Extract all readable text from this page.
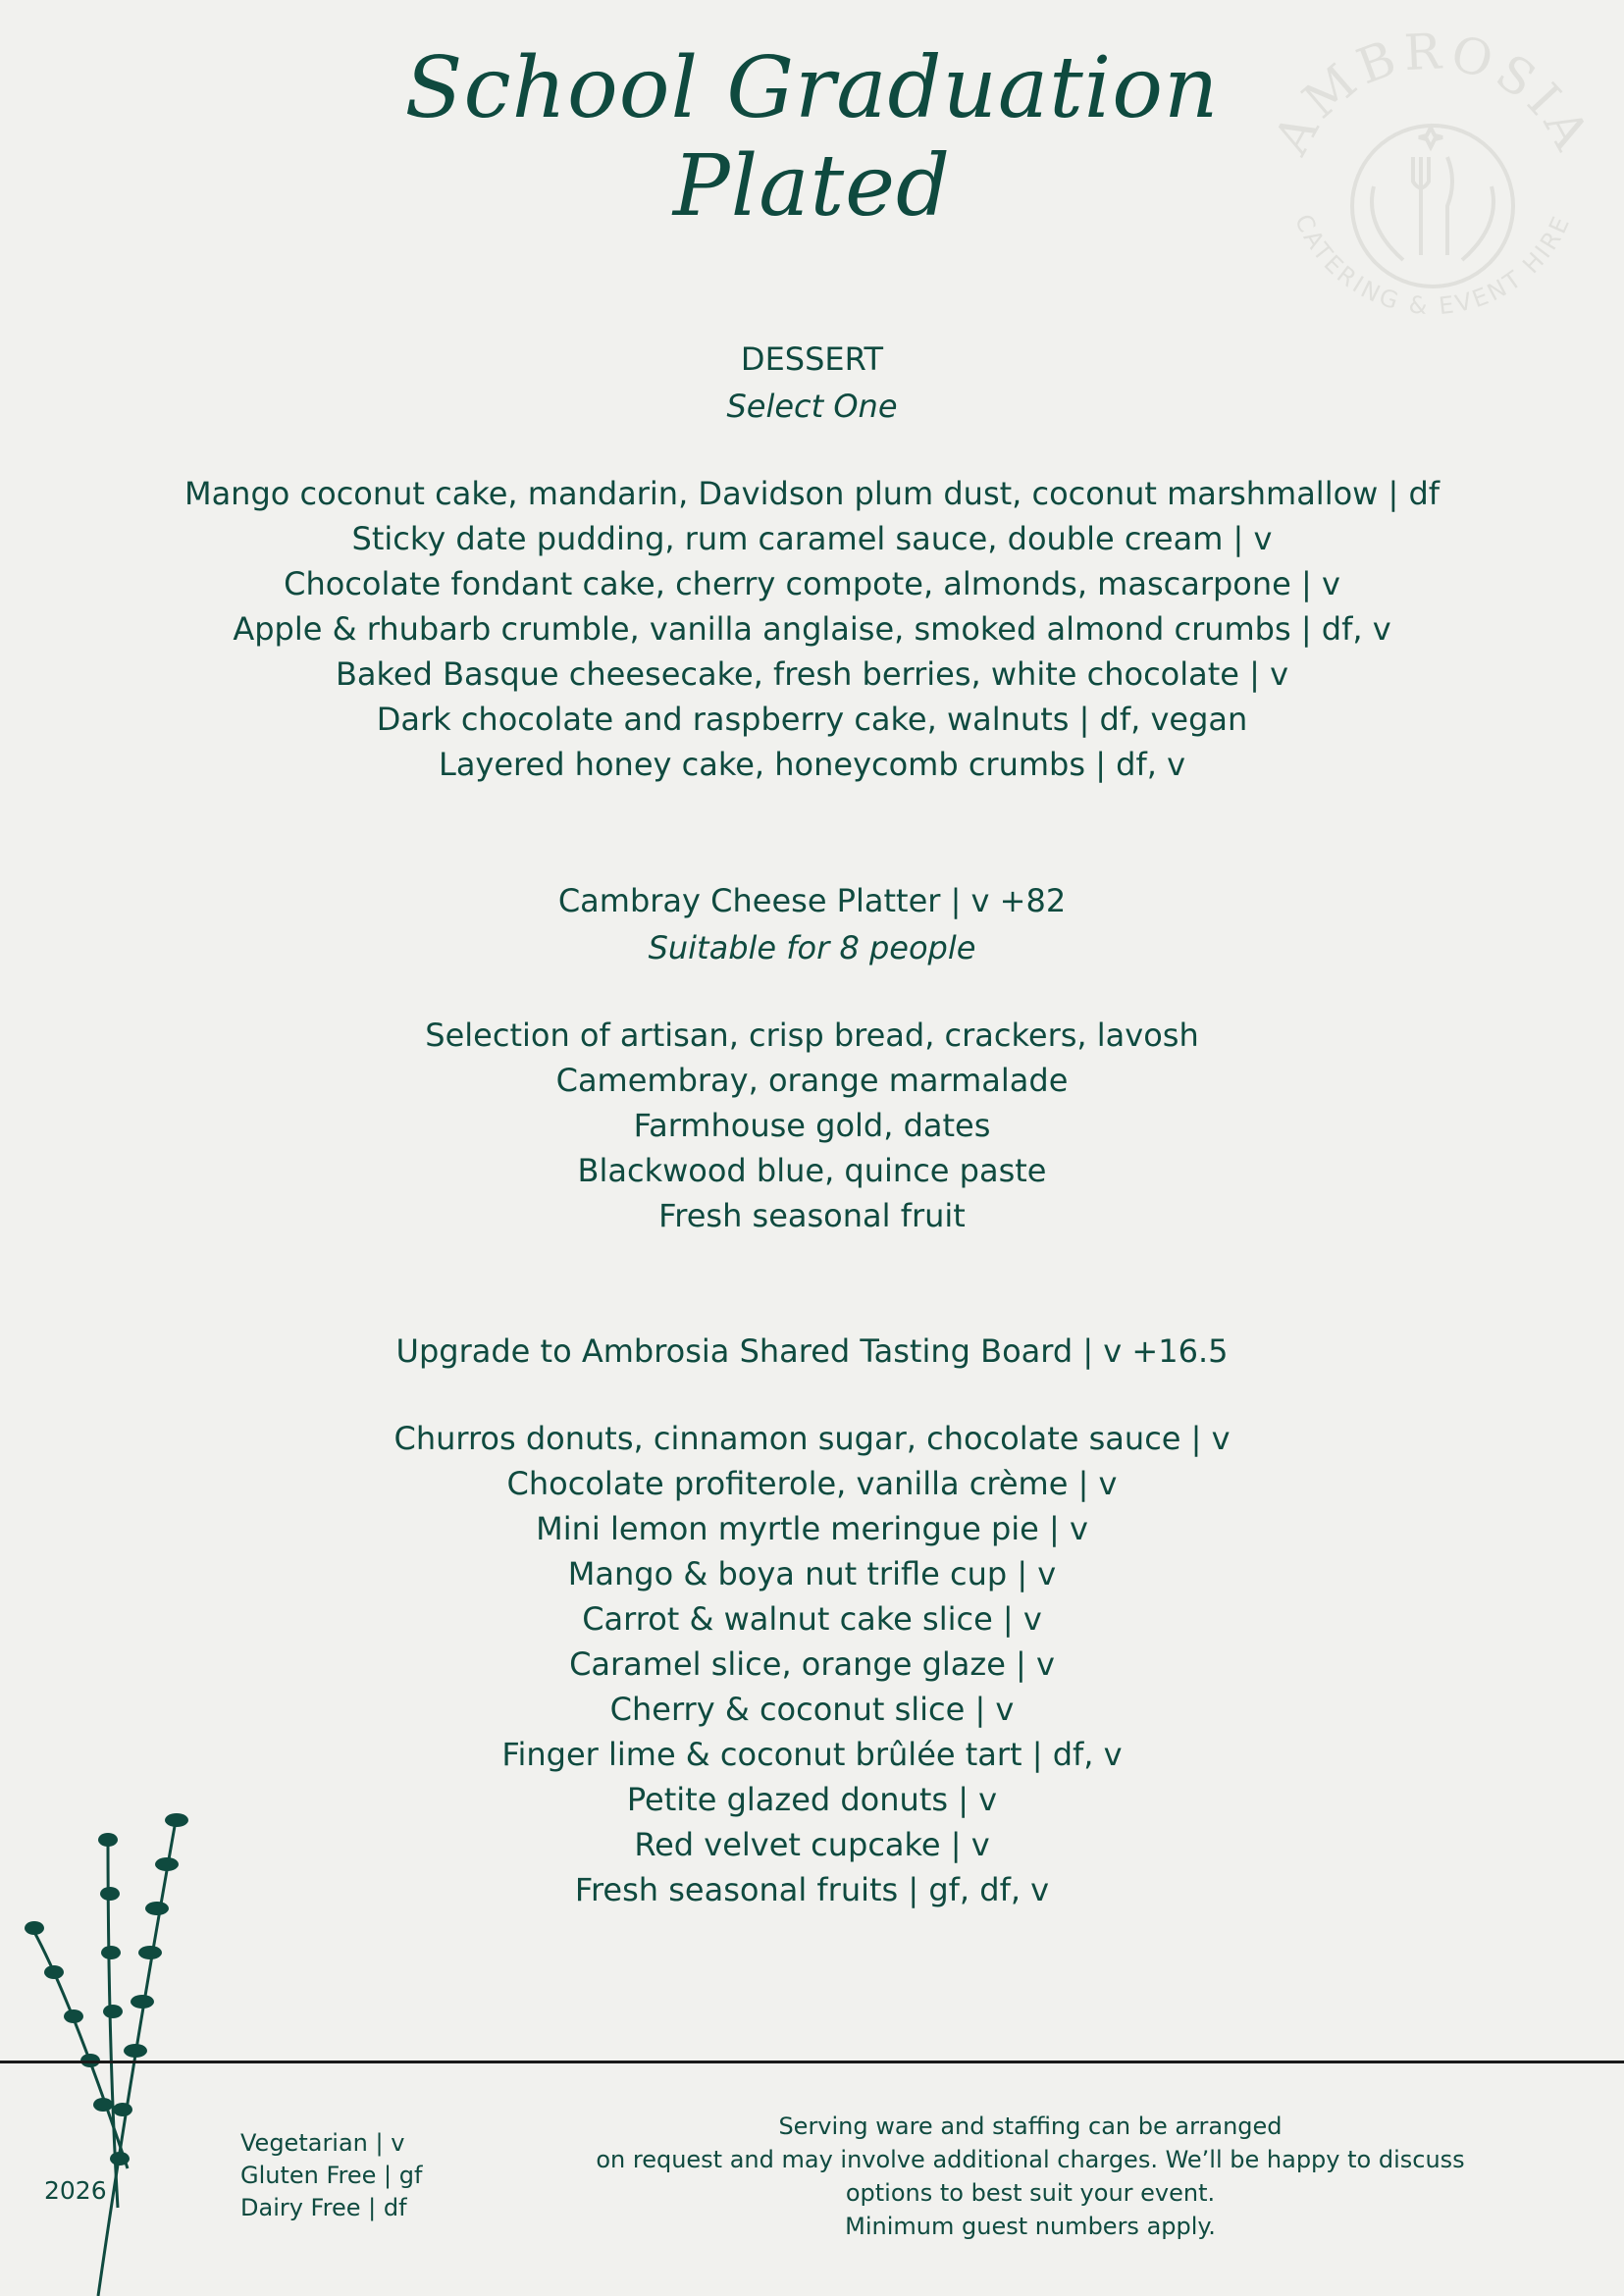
School Graduation
Plated
AMBROSIA
CATERING & EVENT HIRE
DESSERT
Select One
Mango coconut cake, mandarin, Davidson plum dust, coconut marshmallow | df
Sticky date pudding, rum caramel sauce, double cream | v
Chocolate fondant cake, cherry compote, almonds, mascarpone | v
Apple & rhubarb crumble, vanilla anglaise, smoked almond crumbs | df, v
Baked Basque cheesecake, fresh berries, white chocolate | v
Dark chocolate and raspberry cake, walnuts | df, vegan
Layered honey cake, honeycomb crumbs | df, v
Cambray Cheese Platter | v +82
Suitable for 8 people
Selection of artisan, crisp bread, crackers, lavosh
Camembray, orange marmalade
Farmhouse gold, dates
Blackwood blue, quince paste
Fresh seasonal fruit
Upgrade to Ambrosia Shared Tasting Board | v +16.5
Churros donuts, cinnamon sugar, chocolate sauce | v
Chocolate profiterole, vanilla crème | v
Mini lemon myrtle meringue pie | v
Mango & boya nut trifle cup | v
Carrot & walnut cake slice | v
Caramel slice, orange glaze | v
Cherry & coconut slice | v
Finger lime & coconut brûlée tart | df, v
Petite glazed donuts | v
Red velvet cupcake | v
Fresh seasonal fruits | gf, df, v
2026
Vegetarian | v
Gluten Free | gf
Dairy Free | df
Serving ware and staffing can be arranged
on request and may involve additional charges. We’ll be happy to discuss
options to best suit your event.
Minimum guest numbers apply.
